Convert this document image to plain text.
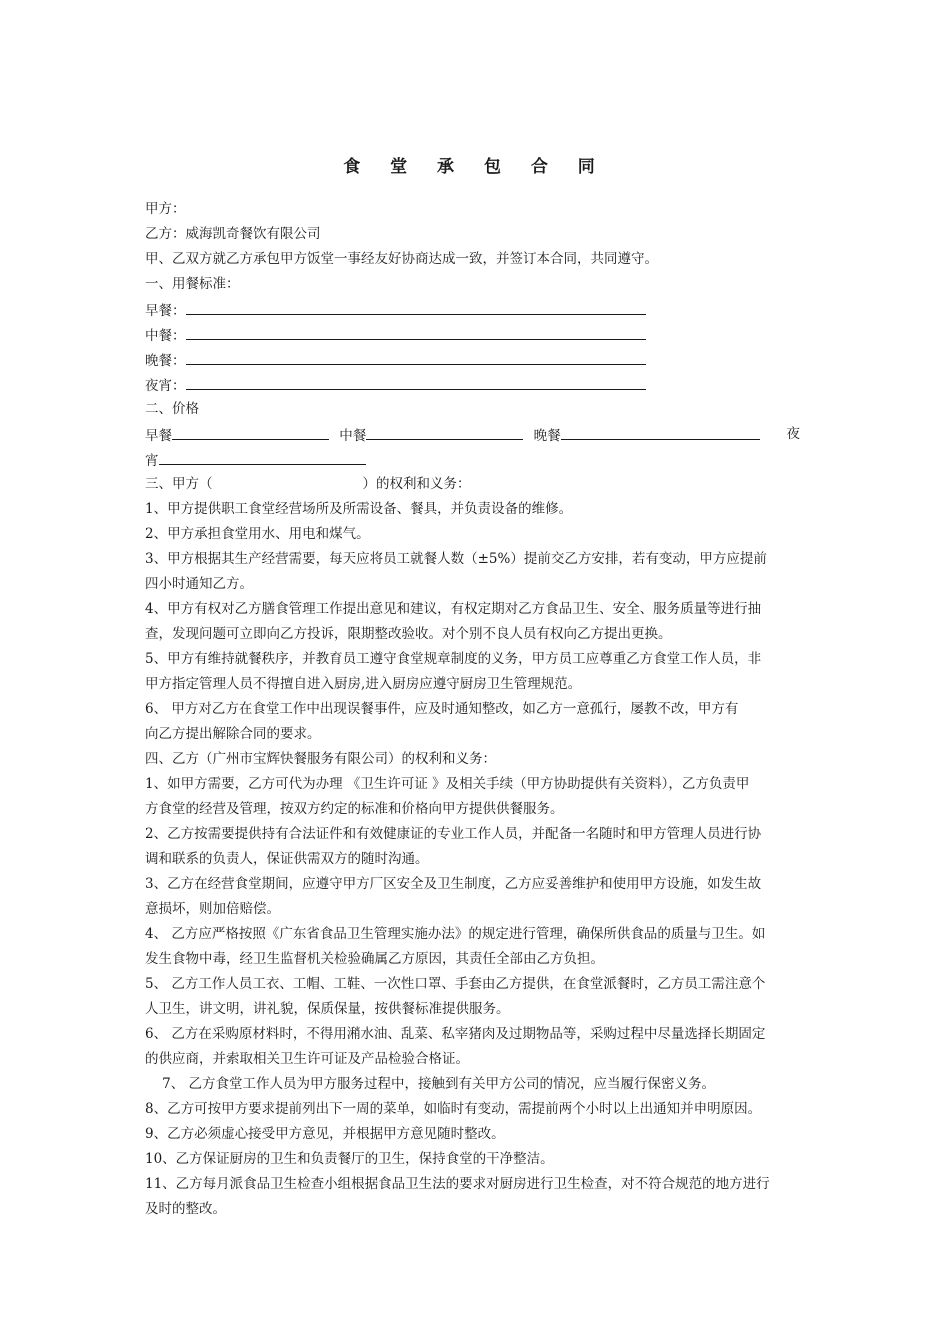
食 堂 承 包 合 同
甲方：
乙方：威海凯奇餐饮有限公司
甲、乙双方就乙方承包甲方饭堂一事经友好协商达成一致，并签订本合同，共同遵守。
一、用餐标准：
早餐：
中餐：
晚餐：
夜宵：
二、价格
早餐	中餐	晚餐	夜
宵
三、甲方（	）的权利和义务：
1、甲方提供职工食堂经营场所及所需设备、餐具，并负责设备的维修。
2、甲方承担食堂用水、用电和煤气。
3、甲方根据其生产经营需要，每天应将员工就餐人数（±5%）提前交乙方安排，若有变动，甲方应提前
四小时通知乙方。
4、甲方有权对乙方膳食管理工作提出意见和建议，有权定期对乙方食品卫生、安全、服务质量等进行抽
查，发现问题可立即向乙方投诉，限期整改验收。对个别不良人员有权向乙方提出更换。
5、甲方有维持就餐秩序，并教育员工遵守食堂规章制度的义务，甲方员工应尊重乙方食堂工作人员，非
甲方指定管理人员不得擅自进入厨房,进入厨房应遵守厨房卫生管理规范。
6、 甲方对乙方在食堂工作中出现误餐事件，应及时通知整改，如乙方一意孤行，屡教不改，甲方有
向乙方提出解除合同的要求。
四、乙方（广州市宝辉快餐服务有限公司）的权利和义务：
1、如甲方需要，乙方可代为办理 《卫生许可证 》及相关手续（甲方协助提供有关资料），乙方负责甲
方食堂的经营及管理，按双方约定的标准和价格向甲方提供供餐服务。
2、乙方按需要提供持有合法证件和有效健康证的专业工作人员，并配备一名随时和甲方管理人员进行协
调和联系的负责人，保证供需双方的随时沟通。
3、乙方在经营食堂期间，应遵守甲方厂区安全及卫生制度，乙方应妥善维护和使用甲方设施，如发生故
意损坏，则加倍赔偿。
4、 乙方应严格按照《广东省食品卫生管理实施办法》的规定进行管理，确保所供食品的质量与卫生。如
发生食物中毒，经卫生监督机关检验确属乙方原因，其责任全部由乙方负担。
5、 乙方工作人员工衣、工帽、工鞋、一次性口罩、手套由乙方提供，在食堂派餐时，乙方员工需注意个
人卫生，讲文明，讲礼貌，保质保量，按供餐标准提供服务。
6、 乙方在采购原材料时，不得用潲水油、乱菜、私宰猪肉及过期物品等，采购过程中尽量选择长期固定
的供应商，并索取相关卫生许可证及产品检验合格证。
7、 乙方食堂工作人员为甲方服务过程中，接触到有关甲方公司的情况，应当履行保密义务。
8、乙方可按甲方要求提前列出下一周的菜单，如临时有变动，需提前两个小时以上出通知并申明原因。
9、乙方必须虚心接受甲方意见，并根据甲方意见随时整改。
10、乙方保证厨房的卫生和负责餐厅的卫生，保持食堂的干净整洁。
11、乙方每月派食品卫生检查小组根据食品卫生法的要求对厨房进行卫生检查，对不符合规范的地方进行
及时的整改。
